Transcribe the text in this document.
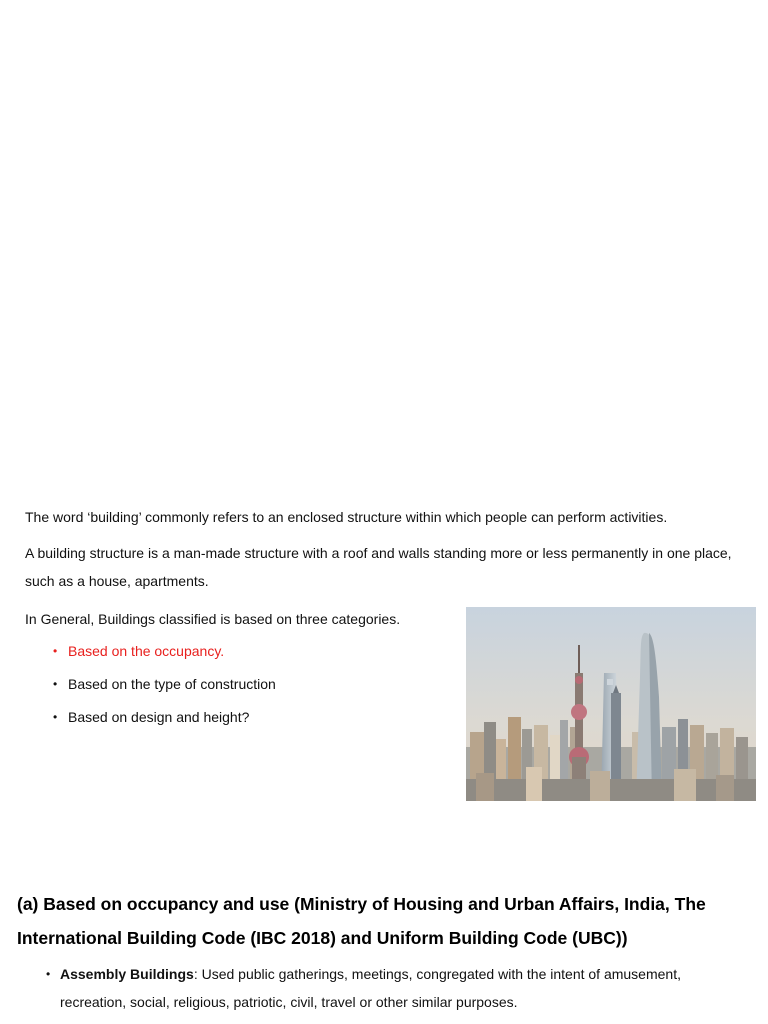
The word ‘building’ commonly refers to an enclosed structure within which people can perform activities.

A building structure is a man-made structure with a roof and walls standing more or less permanently in one place, such as a house, apartments.

In General, Buildings classified is based on three categories.

• Based on the occupancy.
• Based on the type of construction
• Based on design and height?

(a) Based on occupancy and use (Ministry of Housing and Urban Affairs, India, The International Building Code (IBC 2018) and Uniform Building Code (UBC))

• Assembly Buildings: Used public gatherings, meetings, congregated with the intent of amusement, recreation, social, religious, patriotic, civil, travel or other similar purposes.
